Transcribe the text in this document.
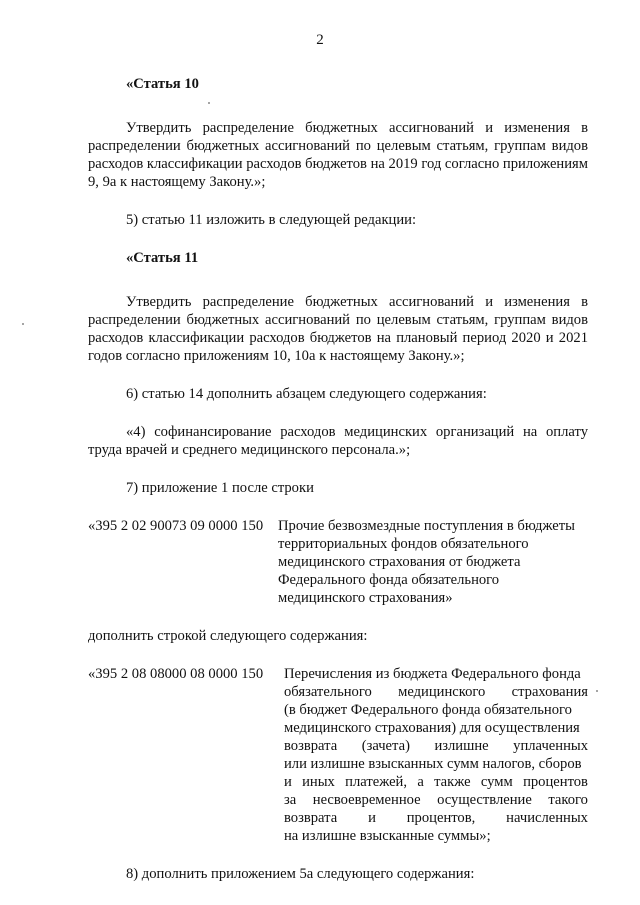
2

«Статья 10

Утвердить распределение бюджетных ассигнований и изменения в распределении бюджетных ассигнований по целевым статьям, группам видов расходов классификации расходов бюджетов на 2019 год согласно приложениям 9, 9а к настоящему Закону.»;

5) статью 11 изложить в следующей редакции:

«Статья 11

Утвердить распределение бюджетных ассигнований и изменения в распределении бюджетных ассигнований по целевым статьям, группам видов расходов классификации расходов бюджетов на плановый период 2020 и 2021 годов согласно приложениям 10, 10а к настоящему Закону.»;

6) статью 14 дополнить абзацем следующего содержания:

«4) софинансирование расходов медицинских организаций на оплату труда врачей и среднего медицинского персонала.»;

7) приложение 1 после строки

«395 2 02 90073 09 0000 150	Прочие безвозмездные поступления в бюджеты
территориальных фондов обязательного
медицинского страхования от бюджета
Федерального фонда обязательного
медицинского страхования»

дополнить строкой следующего содержания:

«395 2 08 08000 08 0000 150	Перечисления из бюджета Федерального фонда
обязательного медицинского страхования
(в бюджет Федерального фонда обязательного
медицинского страхования) для осуществления
возврата (зачета) излишне уплаченных
или излишне взысканных сумм налогов, сборов
и иных платежей, а также сумм процентов
за несвоевременное осуществление такого
возврата и процентов, начисленных
на излишне взысканные суммы»;

8) дополнить приложением 5а следующего содержания:
